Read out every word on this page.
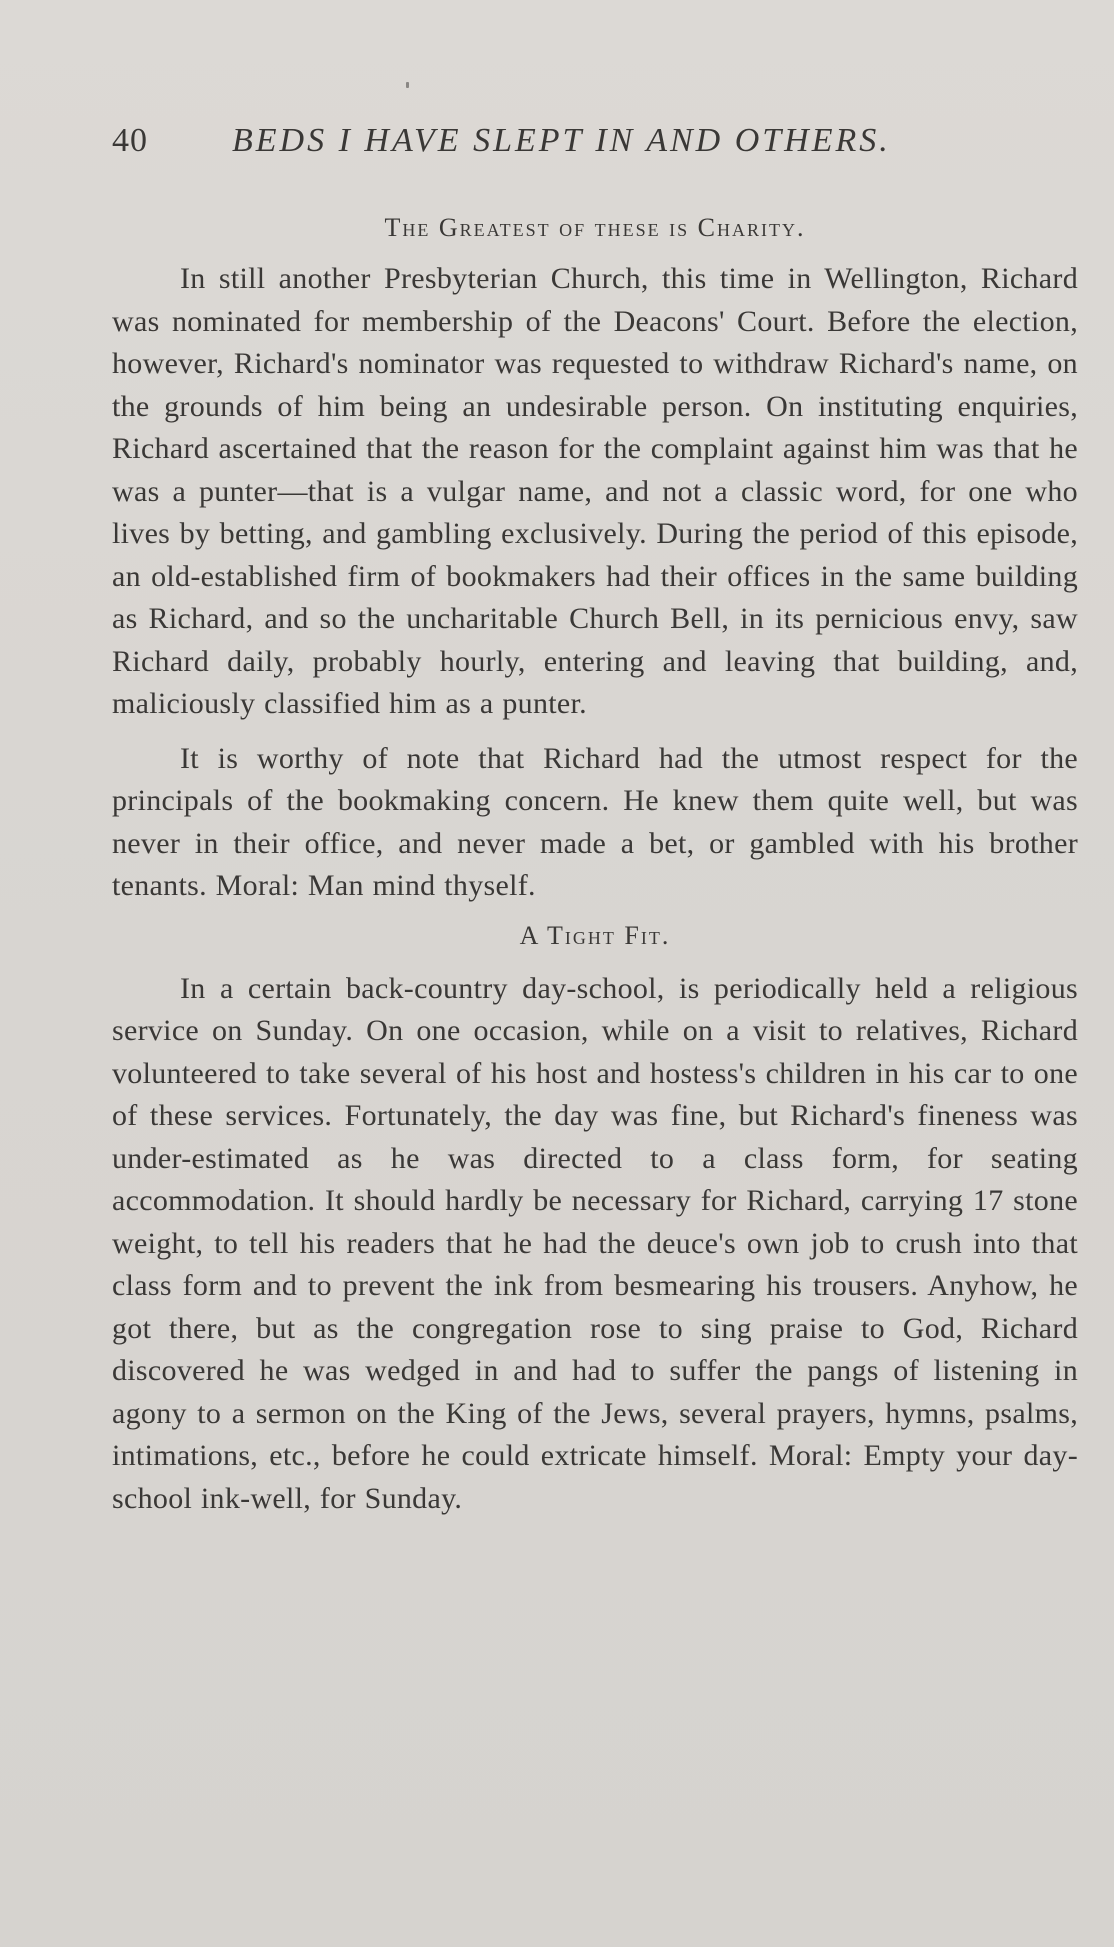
40 BEDS I HAVE SLEPT IN AND OTHERS.
The Greatest of these is Charity.

In still another Presbyterian Church, this time in Wellington, Richard was nominated for membership of the Deacons' Court. Before the election, however, Richard's nominator was requested to withdraw Richard's name, on the grounds of him being an undesirable person. On instituting enquiries, Richard ascertained that the reason for the complaint against him was that he was a punter—that is a vulgar name, and not a classic word, for one who lives by betting, and gambling exclusively. During the period of this episode, an old-established firm of bookmakers had their offices in the same building as Richard, and so the uncharitable Church Bell, in its pernicious envy, saw Richard daily, probably hourly, entering and leaving that building, and, maliciously classified him as a punter.

It is worthy of note that Richard had the utmost respect for the principals of the bookmaking concern. He knew them quite well, but was never in their office, and never made a bet, or gambled with his brother tenants. Moral: Man mind thyself.

A Tight Fit.

In a certain back-country day-school, is periodically held a religious service on Sunday. On one occasion, while on a visit to relatives, Richard volunteered to take several of his host and hostess's children in his car to one of these services. Fortunately, the day was fine, but Richard's fineness was under-estimated as he was directed to a class form, for seating accommodation. It should hardly be necessary for Richard, carrying 17 stone weight, to tell his readers that he had the deuce's own job to crush into that class form and to prevent the ink from besmearing his trousers. Anyhow, he got there, but as the congregation rose to sing praise to God, Richard discovered he was wedged in and had to suffer the pangs of listening in agony to a sermon on the King of the Jews, several prayers, hymns, psalms, intimations, etc., before he could extricate himself. Moral: Empty your day-school ink-well, for Sunday.
